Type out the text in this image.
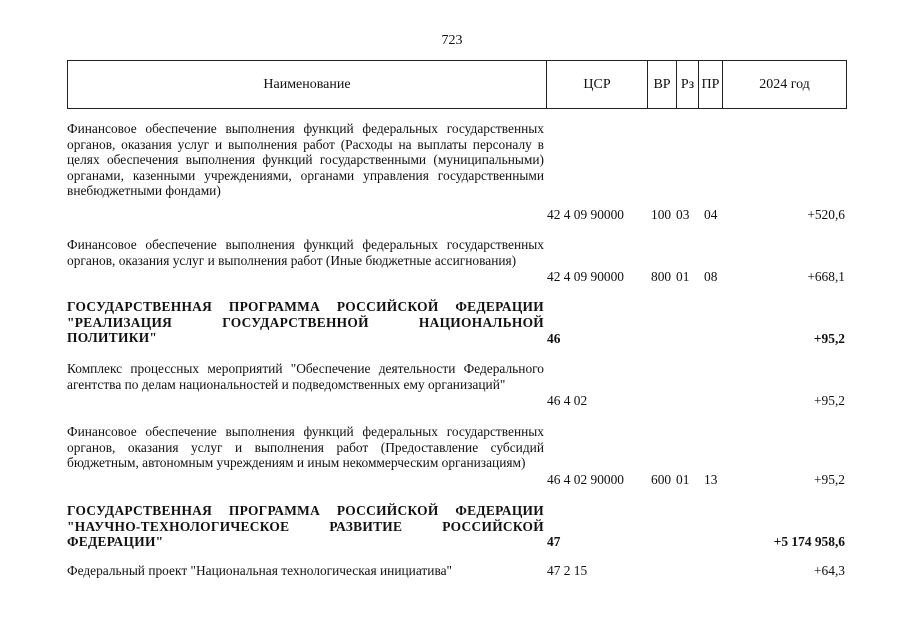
723
Наименование	ЦСР	ВР Рз ПР	2024 год
Финансовое обеспечение выполнения функций федеральных государственных органов, оказания услуг и выполнения работ (Расходы на выплаты персоналу в целях обеспечения выполнения функций государственными (муниципальными) органами, казенными учреждениями, органами управления государственными внебюджетными фондами)
42 4 09 90000 100 03 04	+520,6
Финансовое обеспечение выполнения функций федеральных государственных органов, оказания услуг и выполнения работ (Иные бюджетные ассигнования)
42 4 09 90000 800 01 08	+668,1
ГОСУДАРСТВЕННАЯ ПРОГРАММА РОССИЙСКОЙ ФЕДЕРАЦИИ "РЕАЛИЗАЦИЯ ГОСУДАРСТВЕННОЙ НАЦИОНАЛЬНОЙ ПОЛИТИКИ"	46	+95,2
Комплекс процессных мероприятий "Обеспечение деятельности Федерального агентства по делам национальностей и подведомственных ему организаций"
46 4 02	+95,2
Финансовое обеспечение выполнения функций федеральных государственных органов, оказания услуг и выполнения работ (Предоставление субсидий бюджетным, автономным учреждениям и иным некоммерческим организациям)
46 4 02 90000 600 01 13	+95,2
ГОСУДАРСТВЕННАЯ ПРОГРАММА РОССИЙСКОЙ ФЕДЕРАЦИИ "НАУЧНО-ТЕХНОЛОГИЧЕСКОЕ РАЗВИТИЕ РОССИЙСКОЙ ФЕДЕРАЦИИ"	47	+5 174 958,6
Федеральный проект "Национальная технологическая инициатива"	47 2 15	+64,3
